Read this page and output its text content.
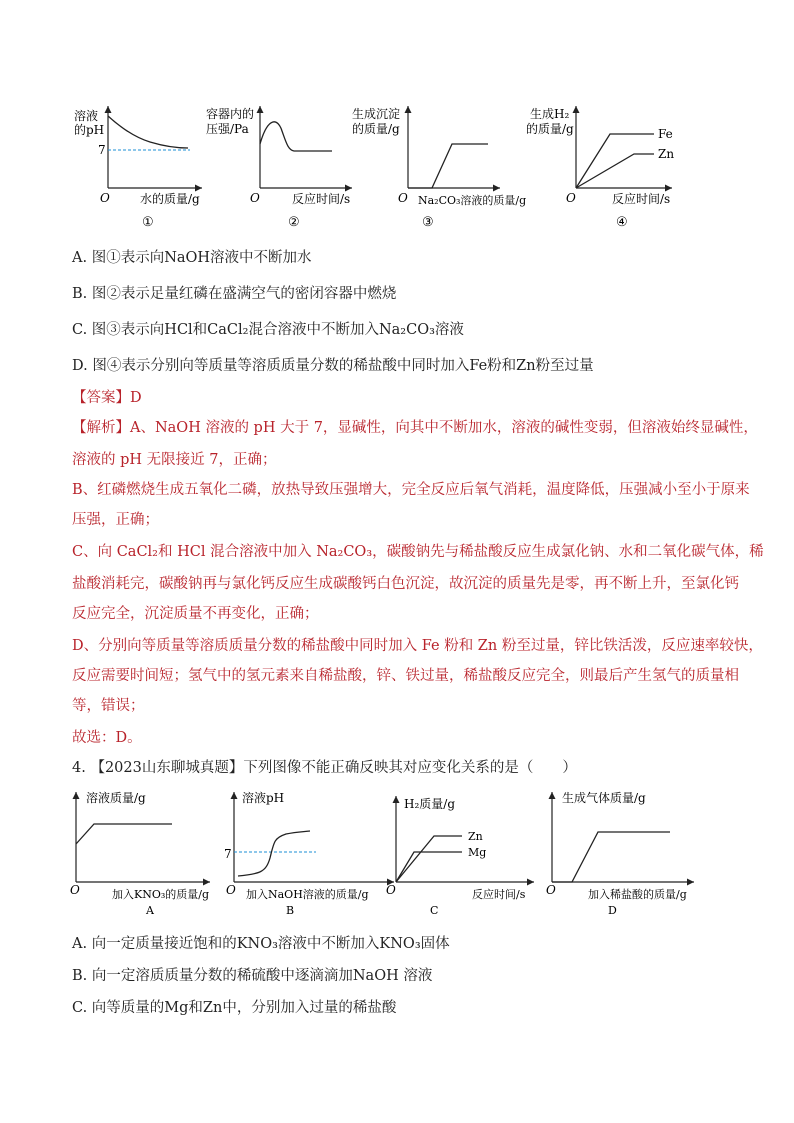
溶液
的pH
7
O	水的质量/g
①
容器内的
压强/Pa
O	反应时间/s
②
生成沉淀
的质量/g
O Na₂CO₃溶液的质量/g
③
生成H₂
的质量/g	Fe
Zn
O	反应时间/s
④
A. 图①表示向NaOH溶液中不断加水
B. 图②表示足量红磷在盛满空气的密闭容器中燃烧
C. 图③表示向HCl和CaCl₂混合溶液中不断加入Na₂CO₃溶液
D. 图④表示分别向等质量等溶质质量分数的稀盐酸中同时加入Fe粉和Zn粉至过量
【答案】D
【解析】A、NaOH 溶液的 pH 大于 7，显碱性，向其中不断加水，溶液的碱性变弱，但溶液始终显碱性，
溶液的 pH 无限接近 7，正确；
B、红磷燃烧生成五氧化二磷，放热导致压强增大，完全反应后氧气消耗，温度降低，压强减小至小于原来
压强，正确；
C、向 CaCl₂和 HCl 混合溶液中加入 Na₂CO₃，碳酸钠先与稀盐酸反应生成氯化钠、水和二氧化碳气体，稀
盐酸消耗完，碳酸钠再与氯化钙反应生成碳酸钙白色沉淀，故沉淀的质量先是零，再不断上升，至氯化钙
反应完全，沉淀质量不再变化，正确；
D、分别向等质量等溶质质量分数的稀盐酸中同时加入 Fe 粉和 Zn 粉至过量，锌比铁活泼，反应速率较快，
反应需要时间短；氢气中的氢元素来自稀盐酸，锌、铁过量，稀盐酸反应完全，则最后产生氢气的质量相
等，错误；
故选：D。
4. 【2023山东聊城真题】下列图像不能正确反映其对应变化关系的是（　　）
溶液质量/g
O	加入KNO₃的质量/g
A
溶液pH
7
O 加入NaOH溶液的质量/g
B
Zn
Mg
H₂质量/g
O	反应时间/s
C
生成气体质量/g
O	加入稀盐酸的质量/g
D
A. 向一定质量接近饱和的KNO₃溶液中不断加入KNO₃固体
B. 向一定溶质质量分数的稀硫酸中逐滴滴加NaOH 溶液
C. 向等质量的Mg和Zn中，分别加入过量的稀盐酸
